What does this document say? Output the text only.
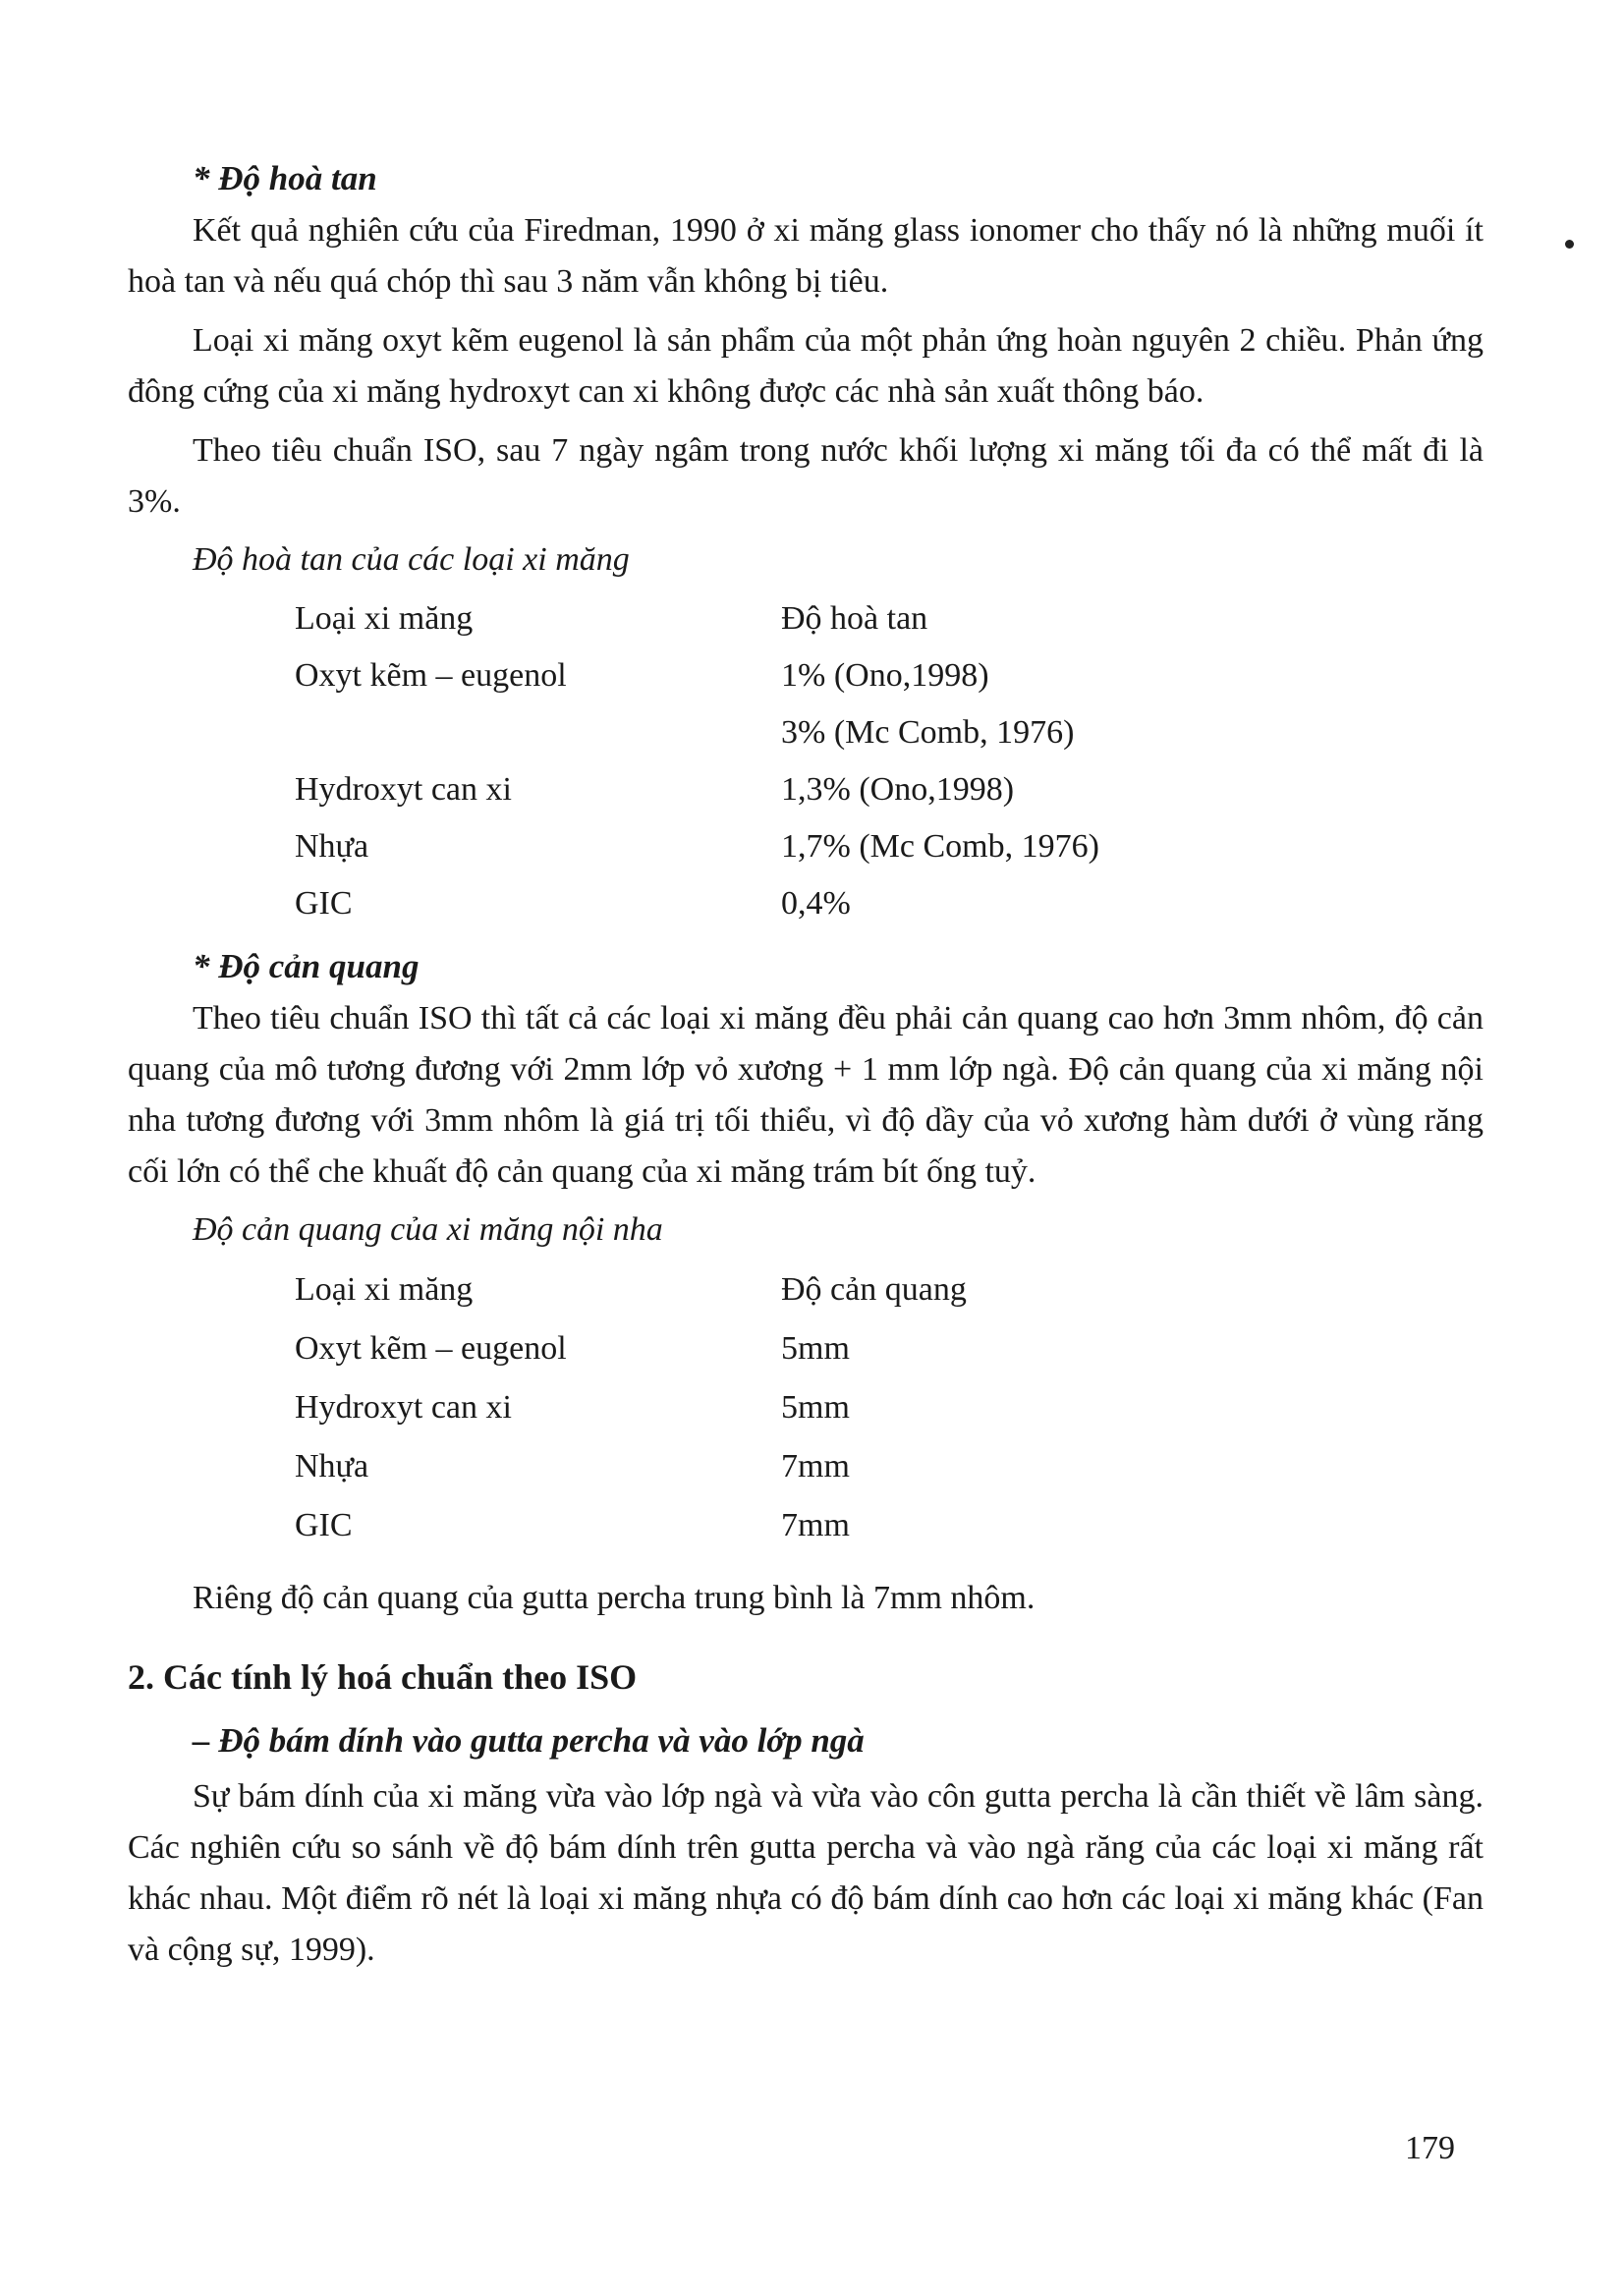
* Độ hoà tan

Kết quả nghiên cứu của Firedman, 1990 ở xi măng glass ionomer cho thấy nó là những muối ít hoà tan và nếu quá chóp thì sau 3 năm vẫn không bị tiêu.

Loại xi măng oxyt kẽm eugenol là sản phẩm của một phản ứng hoàn nguyên 2 chiều. Phản ứng đông cứng của xi măng hydroxyt can xi không được các nhà sản xuất thông báo.

Theo tiêu chuẩn ISO, sau 7 ngày ngâm trong nước khối lượng xi măng tối đa có thể mất đi là 3%.

Độ hoà tan của các loại xi măng

Loại xi măng	Độ hoà tan
Oxyt kẽm – eugenol	1% (Ono,1998)
	3% (Mc Comb, 1976)
Hydroxyt can xi	1,3% (Ono,1998)
Nhựa	1,7% (Mc Comb, 1976)
GIC	0,4%

* Độ cản quang

Theo tiêu chuẩn ISO thì tất cả các loại xi măng đều phải cản quang cao hơn 3mm nhôm, độ cản quang của mô tương đương với 2mm lớp vỏ xương + 1 mm lớp ngà. Độ cản quang của xi măng nội nha tương đương với 3mm nhôm là giá trị tối thiểu, vì độ dầy của vỏ xương hàm dưới ở vùng răng cối lớn có thể che khuất độ cản quang của xi măng trám bít ống tuỷ.

Độ cản quang của xi măng nội nha

Loại xi măng	Độ cản quang
Oxyt kẽm – eugenol	5mm
Hydroxyt can xi	5mm
Nhựa	7mm
GIC	7mm

Riêng độ cản quang của gutta percha trung bình là 7mm nhôm.

2. Các tính lý hoá chuẩn theo ISO

– Độ bám dính vào gutta percha và vào lớp ngà

Sự bám dính của xi măng vừa vào lớp ngà và vừa vào côn gutta percha là cần thiết về lâm sàng. Các nghiên cứu so sánh về độ bám dính trên gutta percha và vào ngà răng của các loại xi măng rất khác nhau. Một điểm rõ nét là loại xi măng nhựa có độ bám dính cao hơn các loại xi măng khác (Fan và cộng sự, 1999).

179
